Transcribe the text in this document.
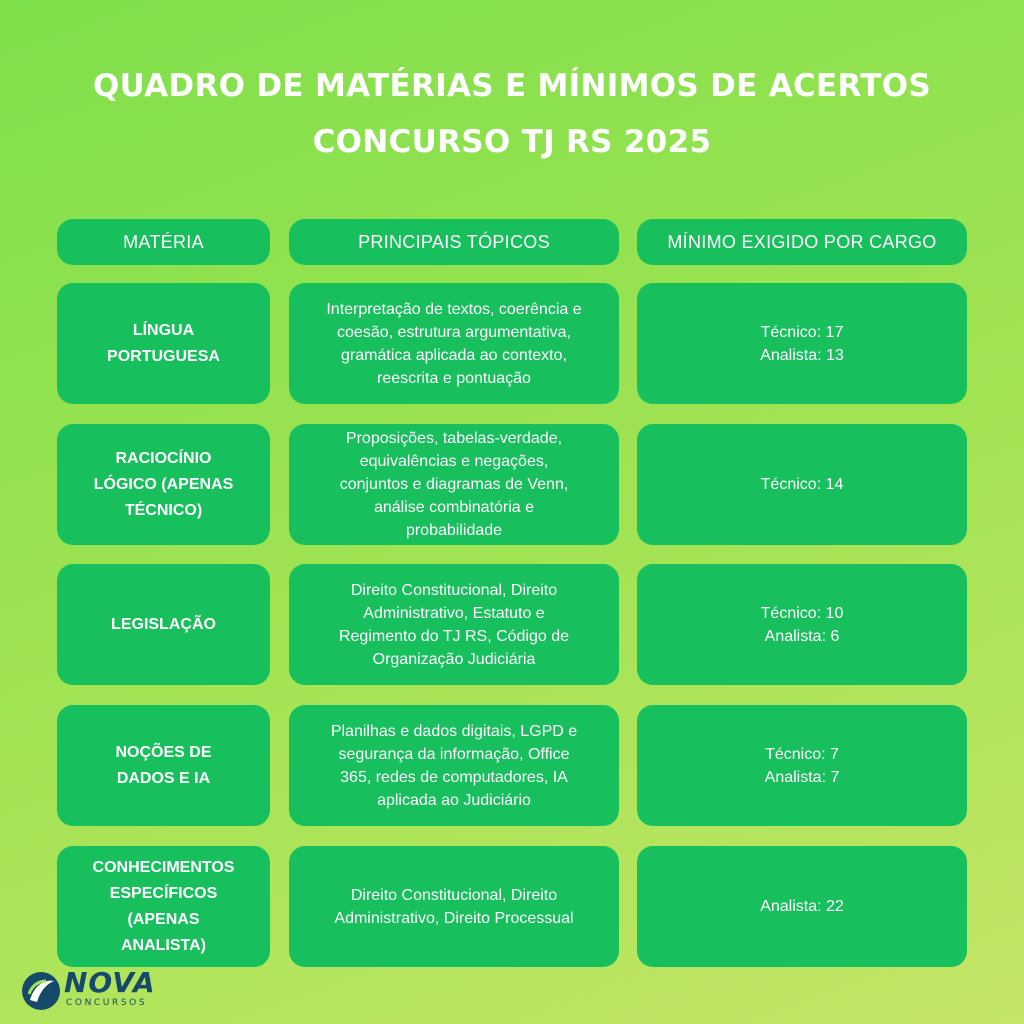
QUADRO DE MATÉRIAS E MÍNIMOS DE ACERTOS
CONCURSO TJ RS 2025
MATÉRIA	PRINCIPAIS TÓPICOS	MÍNIMO EXIGIDO POR CARGO
LÍNGUA
PORTUGUESA
Interpretação de textos, coerência e
coesão, estrutura argumentativa,
gramática aplicada ao contexto,
reescrita e pontuação
Técnico: 17
Analista: 13
RACIOCÍNIO
LÓGICO (APENAS
TÉCNICO)
Proposições, tabelas-verdade,
equivalências e negações,
conjuntos e diagramas de Venn,
análise combinatória e
probabilidade
Técnico: 14
LEGISLAÇÃO
Direito Constitucional, Direito
Administrativo, Estatuto e
Regimento do TJ RS, Código de
Organização Judiciária
Técnico: 10
Analista: 6
NOÇÕES DE
DADOS E IA
Planilhas e dados digitais, LGPD e
segurança da informação, Office
365, redes de computadores, IA
aplicada ao Judiciário
Técnico: 7
Analista: 7
CONHECIMENTOS
ESPECÍFICOS
(APENAS
ANALISTA)
Direito Constitucional, Direito
Administrativo, Direito Processual
Analista: 22
NOVA
CONCURSOS
